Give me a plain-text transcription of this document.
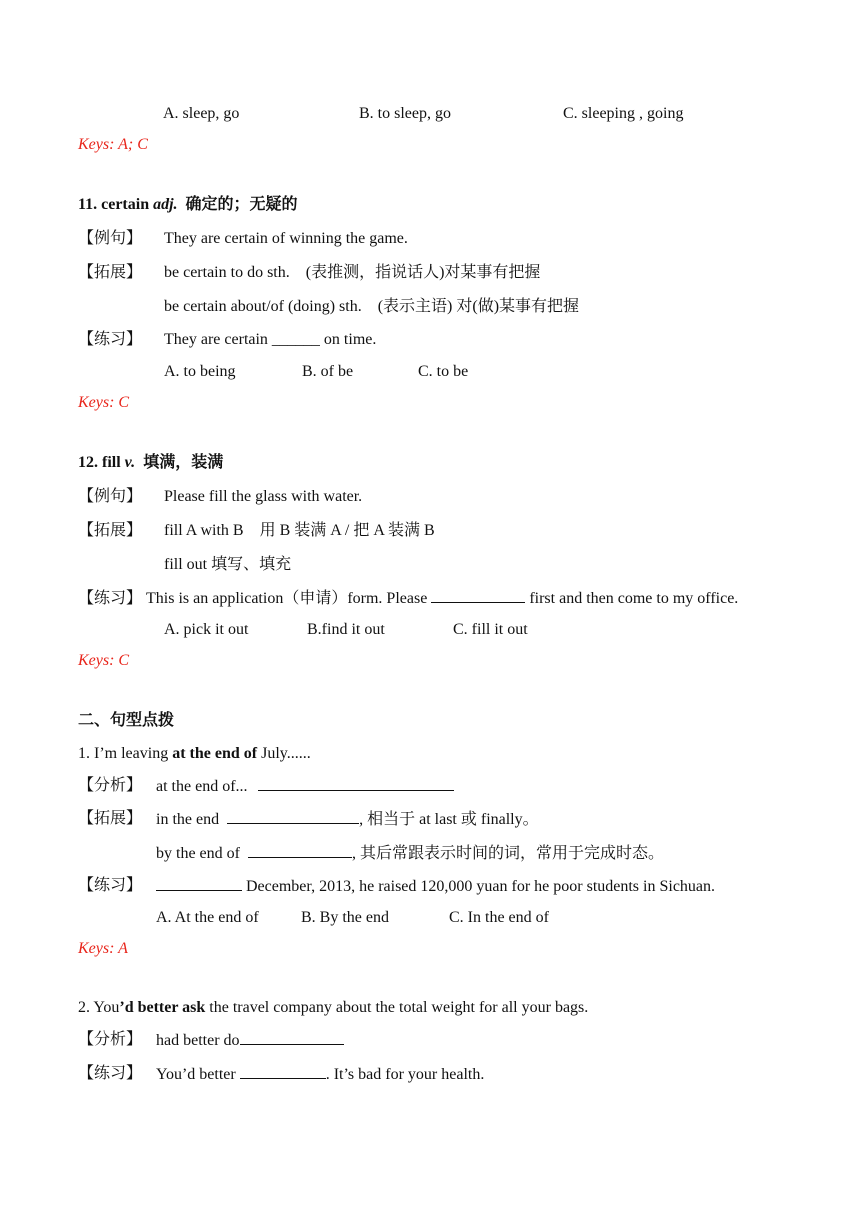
A. sleep, go	B. to sleep, go	C. sleeping , going
Keys: A; C
11. certain adj. 确定的；无疑的
【例句】 They are certain of winning the game.
【拓展】 be certain to do sth.　(表推测，指说话人)对某事有把握
be certain about/of (doing) sth.　(表示主语) 对(做)某事有把握
【练习】 They are certain ______ on time.
A. to being	B. of be	C. to be
Keys: C
12. fill v. 填满，装满
【例句】 Please fill the glass with water.
【拓展】 fill A with B　用 B 装满 A / 把 A 装满 B
fill out 填写、填充
【练习】 This is an application（申请）form. Please	first and then come to my office.
A. pick it out	B.find it out	C. fill it out
Keys: C
二、句型点拨
1. I’m leaving at the end of July......
【分析】 at the end of...
【拓展】 in the end	, 相当于 at last 或 finally。
by the end of	, 其后常跟表示时间的词，常用于完成时态。
【练习】	December, 2013, he raised 120,000 yuan for he poor students in Sichuan.
A. At the end of	B. By the end	C. In the end of
Keys: A
2. You’d better ask the travel company about the total weight for all your bags.
【分析】 had better do
【练习】 You’d better	. It’s bad for your health.
